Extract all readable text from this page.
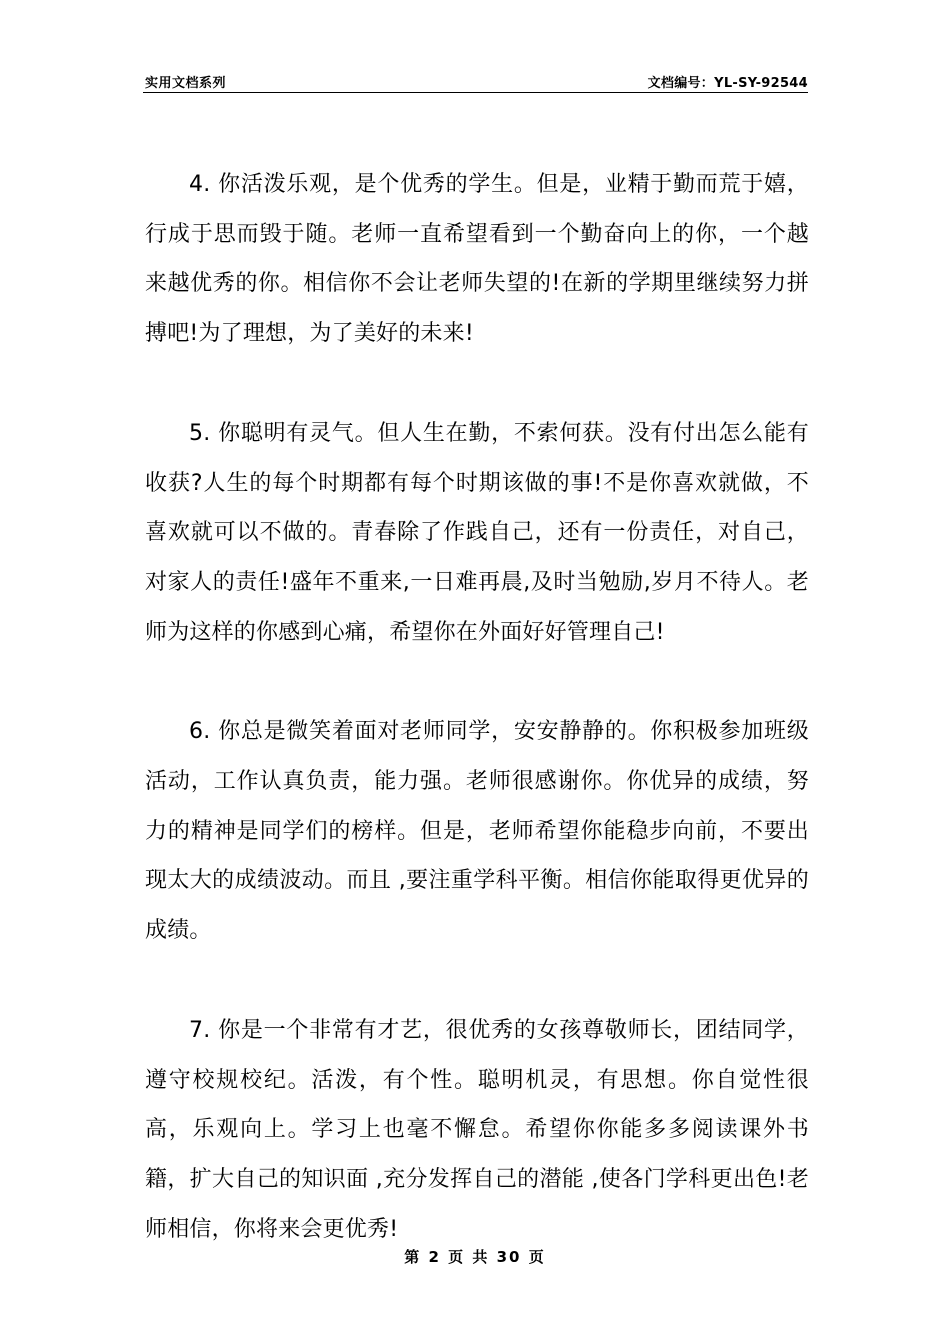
实用文档系列	文档编号：YL-SY-92544

4. 你活泼乐观，是个优秀的学生。但是，业精于勤而荒于嬉，行成于思而毁于随。老师一直希望看到一个勤奋向上的你，一个越来越优秀的你。相信你不会让老师失望的!在新的学期里继续努力拼搏吧!为了理想，为了美好的未来!

5. 你聪明有灵气。但人生在勤，不索何获。没有付出怎么能有收获?人生的每个时期都有每个时期该做的事!不是你喜欢就做，不喜欢就可以不做的。青春除了作践自己，还有一份责任，对自己，对家人的责任!盛年不重来,一日难再晨,及时当勉励,岁月不待人。老师为这样的你感到心痛，希望你在外面好好管理自己!

6. 你总是微笑着面对老师同学，安安静静的。你积极参加班级活动，工作认真负责，能力强。老师很感谢你。你优异的成绩，努力的精神是同学们的榜样。但是，老师希望你能稳步向前，不要出现太大的成绩波动。而且 ,要注重学科平衡。相信你能取得更优异的成绩。

7. 你是一个非常有才艺，很优秀的女孩尊敬师长，团结同学，遵守校规校纪。活泼，有个性。聪明机灵，有思想。你自觉性很高，乐观向上。学习上也毫不懈怠。希望你你能多多阅读课外书籍，扩大自己的知识面 ,充分发挥自己的潜能 ,使各门学科更出色!老师相信，你将来会更优秀!

第 2 页 共 30 页
